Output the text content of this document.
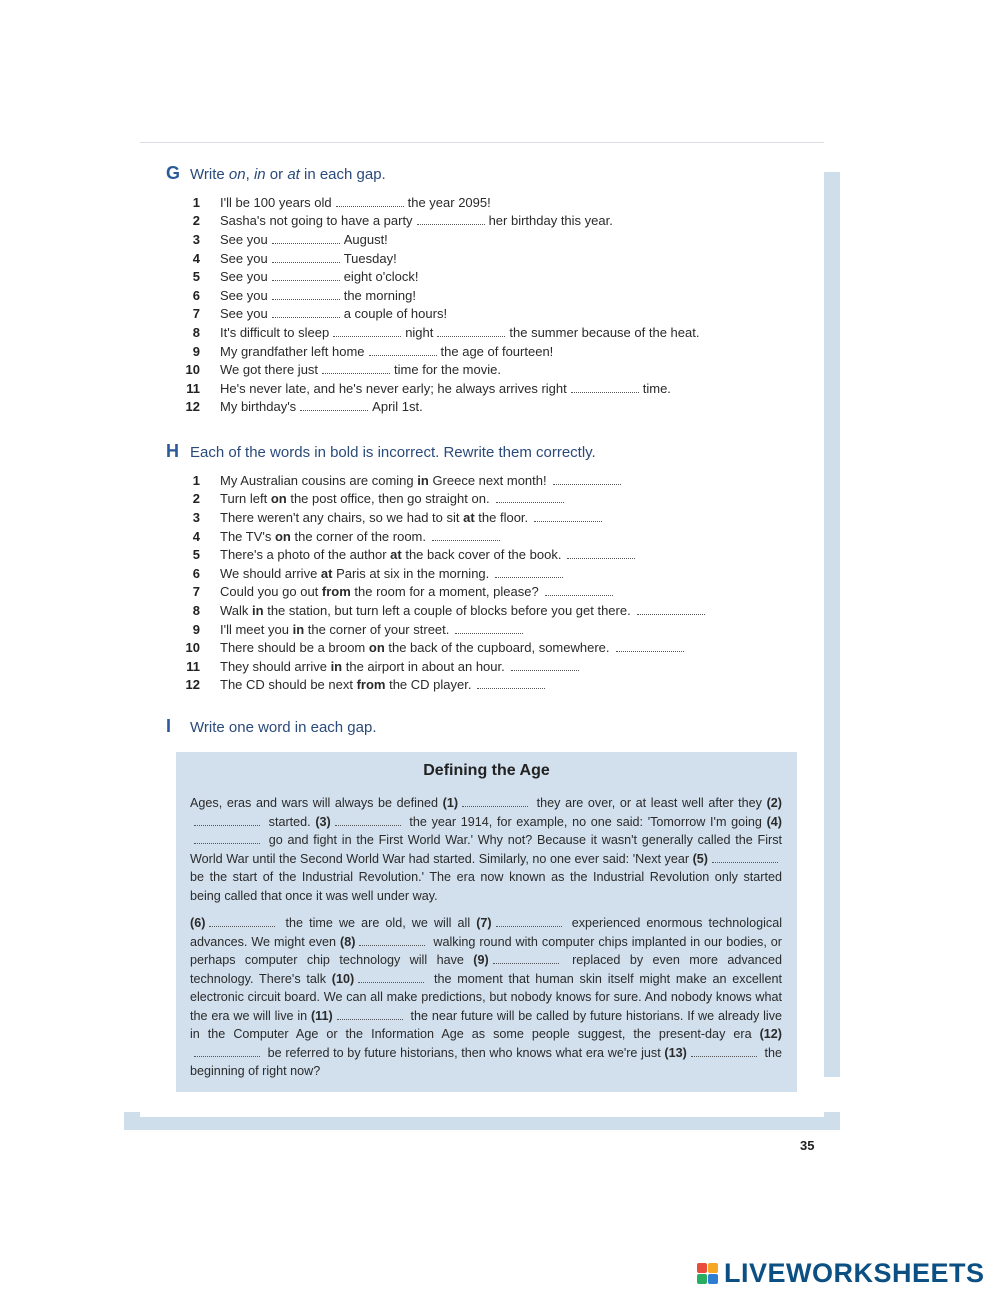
G Write on, in or at in each gap.
1 I'll be 100 years old	the year 2095!
2 Sasha's not going to have a party	her birthday this year.
3 See you	August!
4 See you	Tuesday!
5 See you	eight o'clock!
6 See you	the morning!
7 See you	a couple of hours!
8 It's difficult to sleep	night	the summer because of the heat.
9 My grandfather left home	the age of fourteen!
10 We got there just	time for the movie.
11 He's never late, and he's never early; he always arrives right	time.
12 My birthday's	April 1st.
H Each of the words in bold is incorrect. Rewrite them correctly.
1 My Australian cousins are coming in Greece next month!
2 Turn left on the post office, then go straight on.
3 There weren't any chairs, so we had to sit at the floor.
4 The TV's on the corner of the room.
5 There's a photo of the author at the back cover of the book.
6 We should arrive at Paris at six in the morning.
7 Could you go out from the room for a moment, please?
8 Walk in the station, but turn left a couple of blocks before you get there.
9 I'll meet you in the corner of your street.
10 There should be a broom on the back of the cupboard, somewhere.
11 They should arrive in the airport in about an hour.
12 The CD should be next from the CD player.
I	Write one word in each gap.
Defining the Age
Ages, eras and wars will always be defined (1)	they are over, or at least well after they (2) started. (3)	the year 1914, for example, no one said: 'Tomorrow I'm going (4) go and fight in the First World War.' Why not? Because it wasn't generally called the First World War until the Second World War had started. Similarly, no one ever said: 'Next year (5) be the start of the Industrial Revolution.' The era now known as the Industrial Revolution only started being called that once it was well under way.
(6)	the time we are old, we will all (7)	experienced enormous technological advances. We might even (8)	walking round with computer chips implanted in our bodies, or perhaps computer chip technology will have (9)	replaced by even more advanced technology. There's talk (10)	the moment that human skin itself might make an excellent electronic circuit board. We can all make predictions, but nobody knows for sure. And nobody knows what the era we will live in (11)	the near future will be called by future historians. If we already live in the Computer Age or the Information Age as some people suggest, the present-day era (12) be referred to by future historians, then who knows what era we're just (13)	the beginning of right now?
35
LIVEWORKSHEETS
